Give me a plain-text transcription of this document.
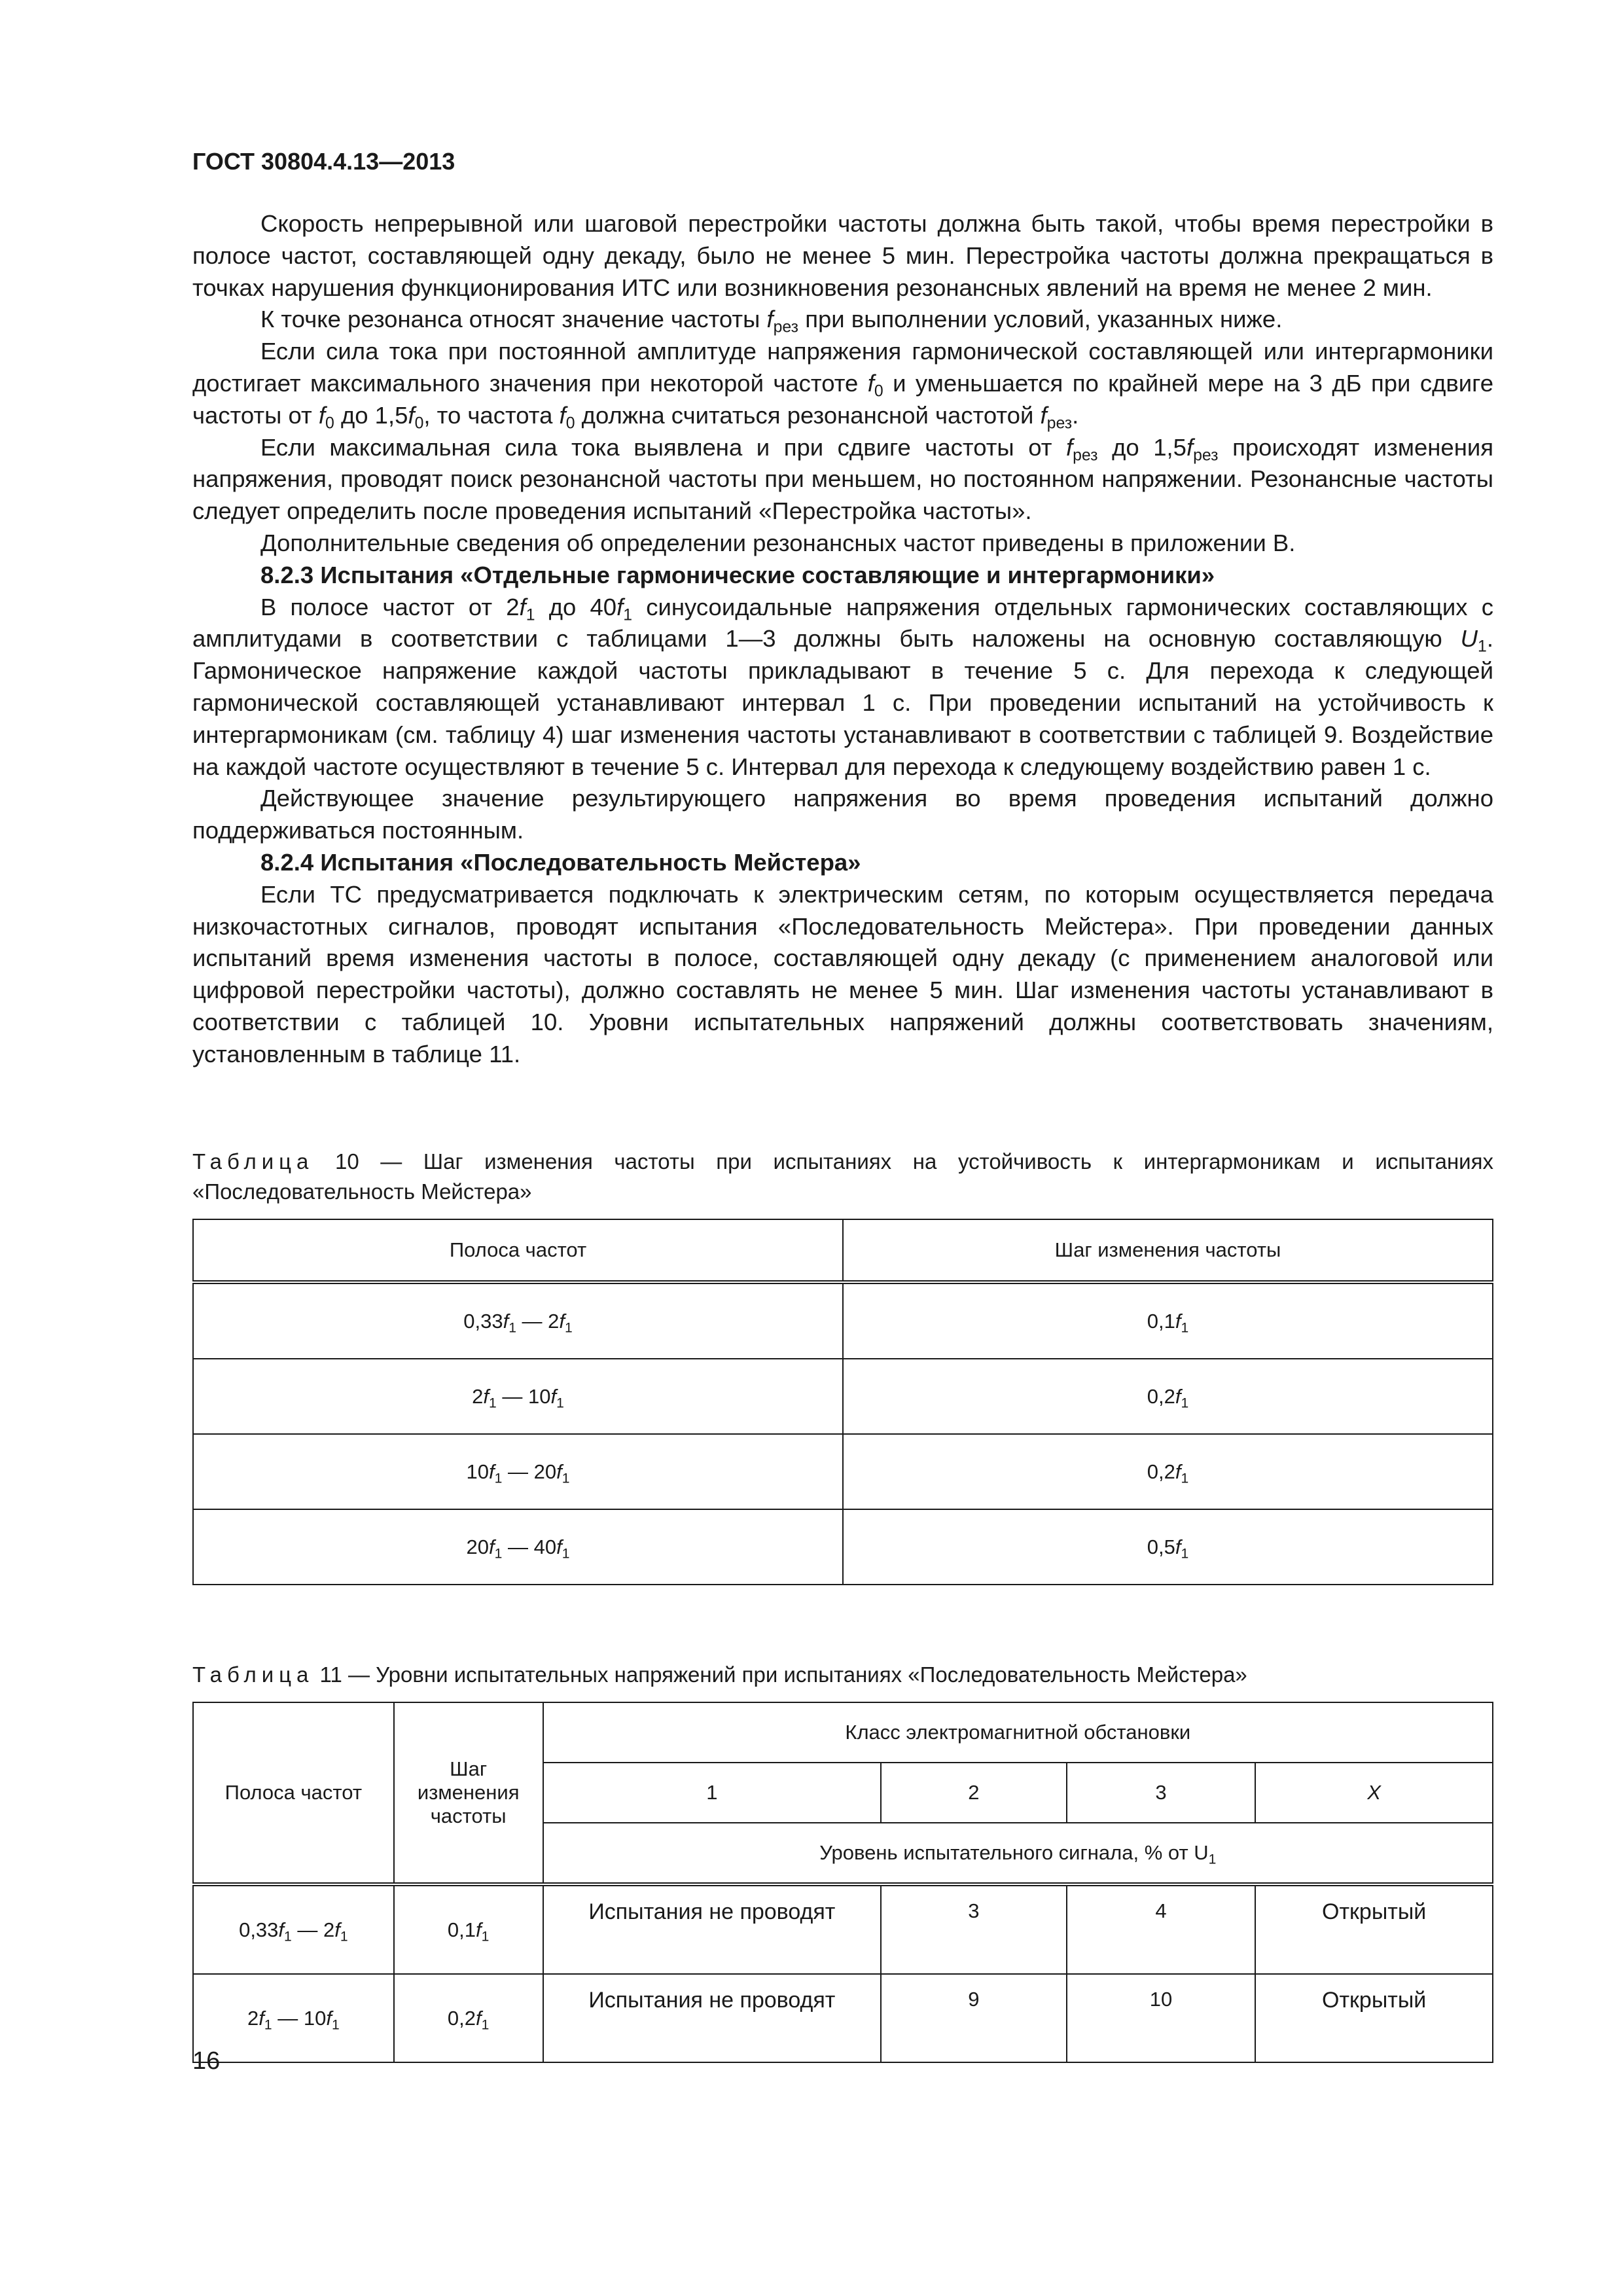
ГОСТ 30804.4.13—2013

Скорость непрерывной или шаговой перестройки частоты должна быть такой, чтобы время перестройки в полосе частот, составляющей одну декаду, было не менее 5 мин. Перестройка частоты должна прекращаться в точках нарушения функционирования ИТС или возникновения резонансных явлений на время не менее 2 мин.

К точке резонанса относят значение частоты $f_{рез}$ при выполнении условий, указанных ниже.

Если сила тока при постоянной амплитуде напряжения гармонической составляющей или интергармоники достигает максимального значения при некоторой частоте $f_0$ и уменьшается по крайней мере на 3 дБ при сдвиге частоты от $f_0$ до $1,5f_0$, то частота $f_0$ должна считаться резонансной частотой $f_{рез}$.

Если максимальная сила тока выявлена и при сдвиге частоты от $f_{рез}$ до $1,5f_{рез}$ происходят изменения напряжения, проводят поиск резонансной частоты при меньшем, но постоянном напряжении. Резонансные частоты следует определить после проведения испытаний «Перестройка частоты».

Дополнительные сведения об определении резонансных частот приведены в приложении В.

8.2.3 Испытания «Отдельные гармонические составляющие и интергармоники»

В полосе частот от $2f_1$ до $40f_1$ синусоидальные напряжения отдельных гармонических составляющих с амплитудами в соответствии с таблицами 1—3 должны быть наложены на основную составляющую $U_1$. Гармоническое напряжение каждой частоты прикладывают в течение 5 с. Для перехода к следующей гармонической составляющей устанавливают интервал 1 с. При проведении испытаний на устойчивость к интергармоникам (см. таблицу 4) шаг изменения частоты устанавливают в соответствии с таблицей 9. Воздействие на каждой частоте осуществляют в течение 5 с. Интервал для перехода к следующему воздействию равен 1 с.

Действующее значение результирующего напряжения во время проведения испытаний должно поддерживаться постоянным.

8.2.4 Испытания «Последовательность Мейстера»

Если ТС предусматривается подключать к электрическим сетям, по которым осуществляется передача низкочастотных сигналов, проводят испытания «Последовательность Мейстера». При проведении данных испытаний время изменения частоты в полосе, составляющей одну декаду (с применением аналоговой или цифровой перестройки частоты), должно составлять не менее 5 мин. Шаг изменения частоты устанавливают в соответствии с таблицей 10. Уровни испытательных напряжений должны соответствовать значениям, установленным в таблице 11.

Таблица 10 — Шаг изменения частоты при испытаниях на устойчивость к интергармоникам и испытаниях «Последовательность Мейстера»
Полоса частот	Шаг изменения частоты
$0,33f_1$ — $2f_1$	$0,1f_1$
$2f_1$ — $10f_1$	$0,2f_1$
$10f_1$ — $20f_1$	$0,2f_1$
$20f_1$ — $40f_1$	$0,5f_1$
Таблица 11 — Уровни испытательных напряжений при испытаниях «Последовательность Мейстера»
Полоса частот	Шаг изменения частоты	Класс электромагнитной обстановки			
		1	2	3	X
		Уровень испытательного сигнала, % от $U_1$
$0,33f_1$ — $2f_1$	$0,1f_1$	Испытания не проводят	3	4	Открытый
$2f_1$ — $10f_1$	$0,2f_1$	Испытания не проводят	9	10	Открытый
16
